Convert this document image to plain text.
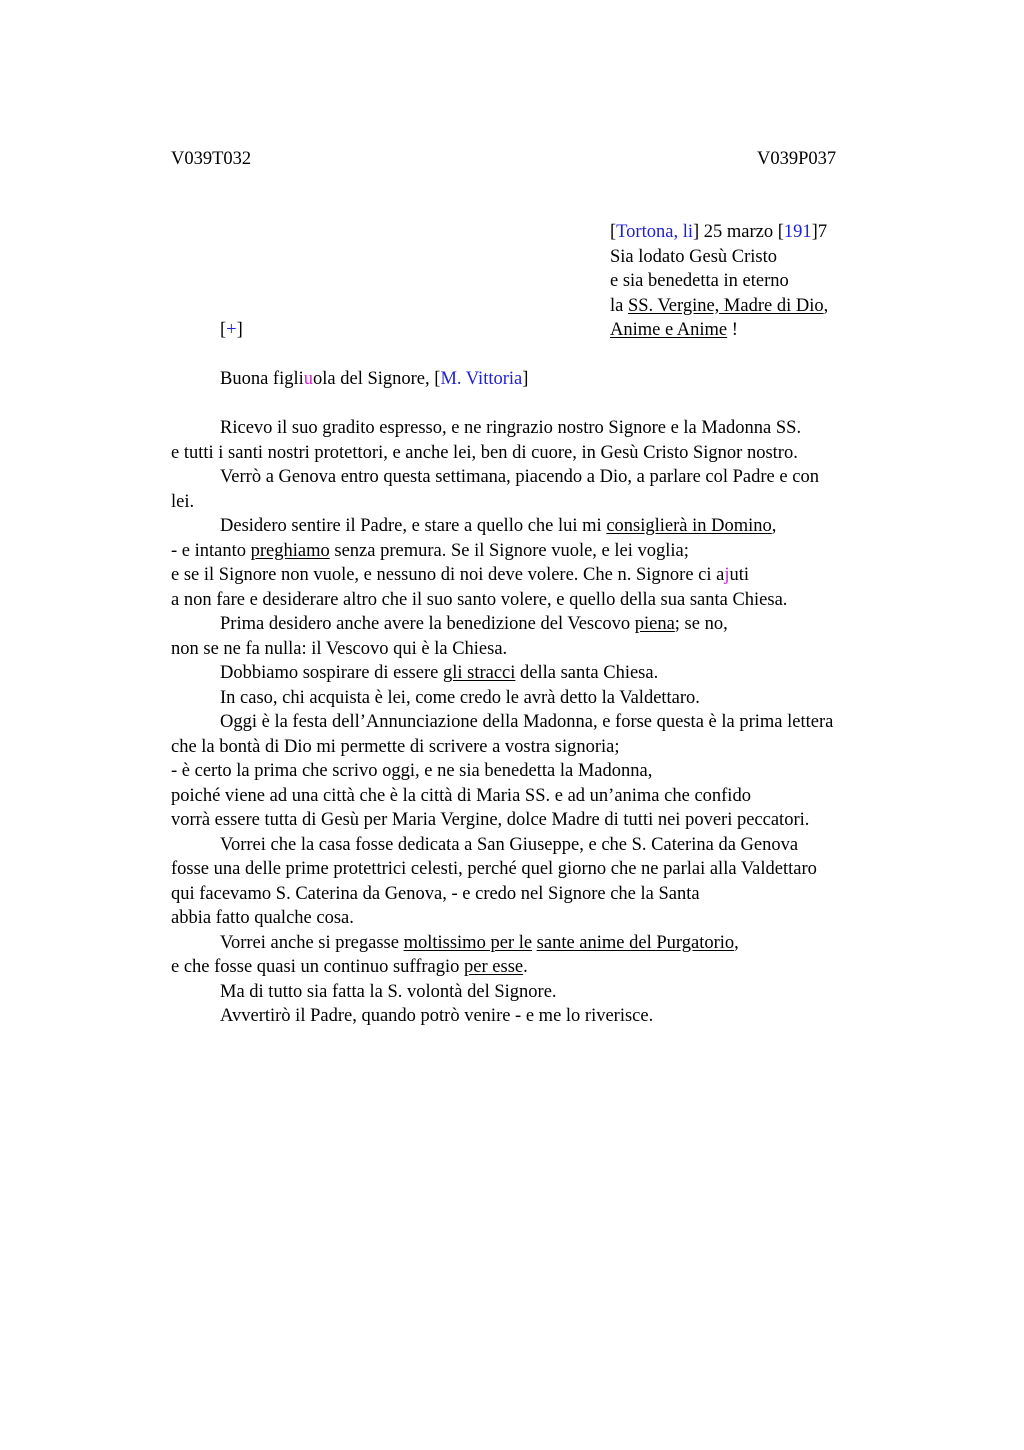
V039T032	V039P037
[Tortona, li] 25 marzo [191]7
Sia lodato Gesù Cristo
e sia benedetta in eterno
la SS. Vergine, Madre di Dio,
Anime e Anime !
[+]
Buona figliuola del Signore, [M. Vittoria]
Ricevo il suo gradito espresso, e ne ringrazio nostro Signore e la Madonna SS.
e tutti i santi nostri protettori, e anche lei, ben di cuore, in Gesù Cristo Signor nostro.
Verrò a Genova entro questa settimana, piacendo a Dio, a parlare col Padre e con
lei.
Desidero sentire il Padre, e stare a quello che lui mi consiglierà in Domino,
- e intanto preghiamo senza premura. Se il Signore vuole, e lei voglia;
e se il Signore non vuole, e nessuno di noi deve volere. Che n. Signore ci ajuti
a non fare e desiderare altro che il suo santo volere, e quello della sua santa Chiesa.
Prima desidero anche avere la benedizione del Vescovo piena; se no,
non se ne fa nulla: il Vescovo qui è la Chiesa.
Dobbiamo sospirare di essere gli stracci della santa Chiesa.
In caso, chi acquista è lei, come credo le avrà detto la Valdettaro.
Oggi è la festa dell’Annunciazione della Madonna, e forse questa è la prima lettera
che la bontà di Dio mi permette di scrivere a vostra signoria;
- è certo la prima che scrivo oggi, e ne sia benedetta la Madonna,
poiché viene ad una città che è la città di Maria SS. e ad un’anima che confido
vorrà essere tutta di Gesù per Maria Vergine, dolce Madre di tutti nei poveri peccatori.
Vorrei che la casa fosse dedicata a San Giuseppe, e che S. Caterina da Genova
fosse una delle prime protettrici celesti, perché quel giorno che ne parlai alla Valdettaro
qui facevamo S. Caterina da Genova, - e credo nel Signore che la Santa
abbia fatto qualche cosa.
Vorrei anche si pregasse moltissimo per le sante anime del Purgatorio,
e che fosse quasi un continuo suffragio per esse.
Ma di tutto sia fatta la S. volontà del Signore.
Avvertirò il Padre, quando potrò venire - e me lo riverisce.
